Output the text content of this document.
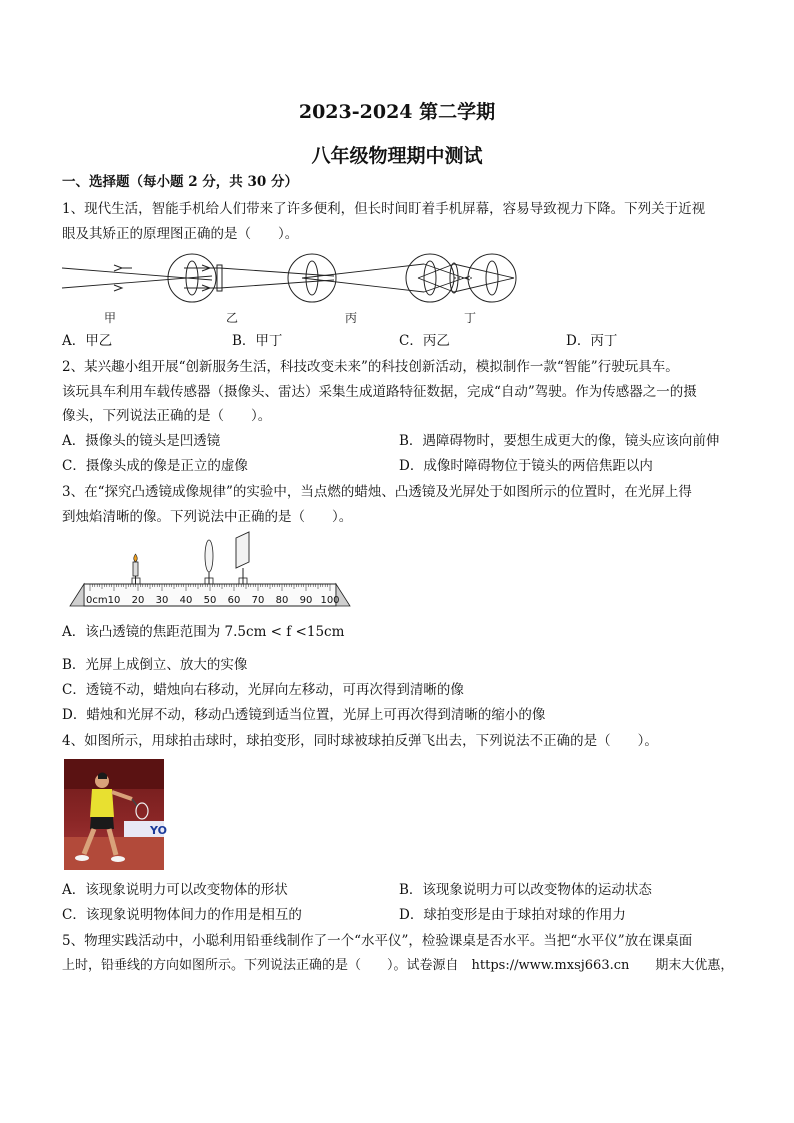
2023-2024 第二学期
八年级物理期中测试
一、选择题（每小题 2 分，共 30 分）
1、现代生活，智能手机给人们带来了许多便利，但长时间盯着手机屏幕，容易导致视力下降。下列关于近视
眼及其矫正的原理图正确的是（　　）。
甲	乙	丙	丁
A．甲乙	B．甲丁	C．丙乙	D．丙丁
2、某兴趣小组开展“创新服务生活，科技改变未来”的科技创新活动，模拟制作一款“智能”行驶玩具车。
该玩具车利用车载传感器（摄像头、雷达）采集生成道路特征数据，完成“自动”驾驶。作为传感器之一的摄
像头，下列说法正确的是（　　）。
A．摄像头的镜头是凹透镜	B．遇障碍物时，要想生成更大的像，镜头应该向前伸
C．摄像头成的像是正立的虚像	D．成像时障碍物位于镜头的两倍焦距以内
3、在“探究凸透镜成像规律”的实验中，当点燃的蜡烛、凸透镜及光屏处于如图所示的位置时，在光屏上得
到烛焰清晰的像。下列说法中正确的是（　　）。
0cm 10 20 30 40 50 60 70 80 90 100
A．该凸透镜的焦距范围为 7.5cm < f <15cm
B．光屏上成倒立、放大的实像
C．透镜不动，蜡烛向右移动，光屏向左移动，可再次得到清晰的像
D．蜡烛和光屏不动，移动凸透镜到适当位置，光屏上可再次得到清晰的缩小的像
4、如图所示，用球拍击球时，球拍变形，同时球被球拍反弹飞出去，下列说法不正确的是（　　）。
YO
A．该现象说明力可以改变物体的形状	B．该现象说明力可以改变物体的运动状态
C．该现象说明物体间力的作用是相互的	D．球拍变形是由于球拍对球的作用力
5、物理实践活动中，小聪利用铅垂线制作了一个“水平仪”，检验课桌是否水平。当把“水平仪”放在课桌面
上时，铅垂线的方向如图所示。下列说法正确的是（　　）。试卷源自　https://www.mxsj663.cn　　期末大优惠，
